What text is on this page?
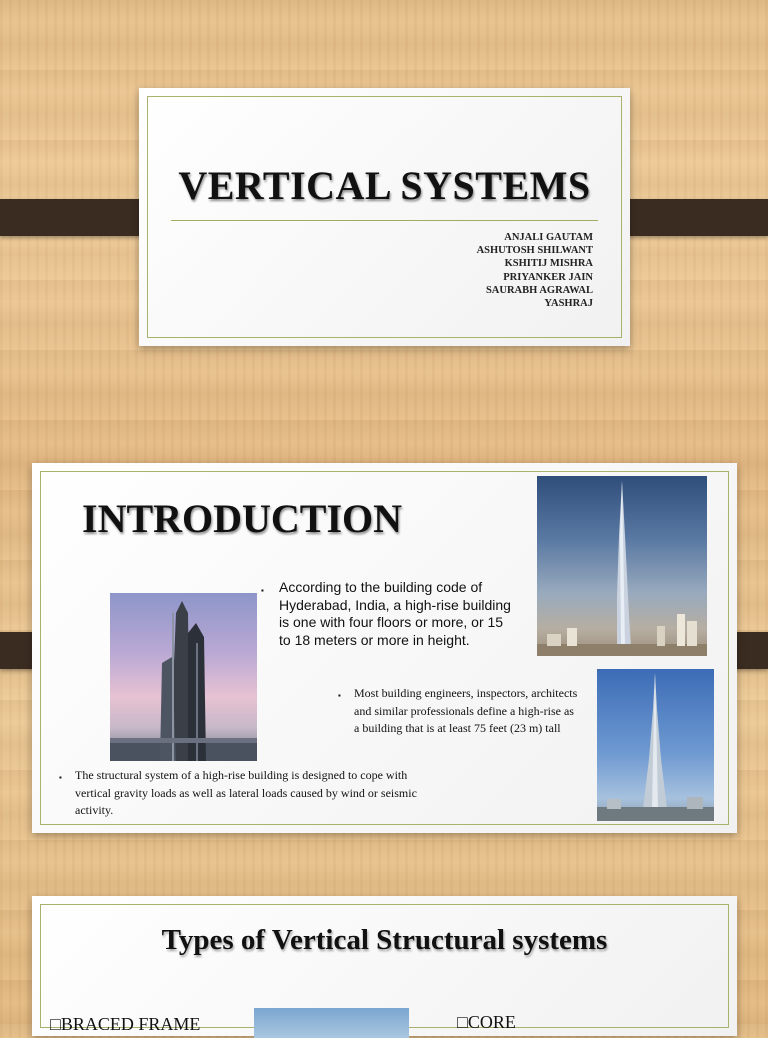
VERTICAL SYSTEMS
ANJALI GAUTAM
ASHUTOSH SHILWANT
KSHITIJ MISHRA
PRIYANKER JAIN
SAURABH AGRAWAL
YASHRAJ
INTRODUCTION
▪	According to the building code of Hyderabad, India, a high-rise building is one with four floors or more, or 15 to 18 meters or more in height.
▪	Most building engineers, inspectors, architects and similar professionals define a high-rise as a building that is at least 75 feet (23 m) tall
▪	The structural system of a high-rise building is designed to cope with vertical gravity loads as well as lateral loads caused by wind or seismic activity.
Types of Vertical Structural systems
□BRACED FRAME	□CORE
